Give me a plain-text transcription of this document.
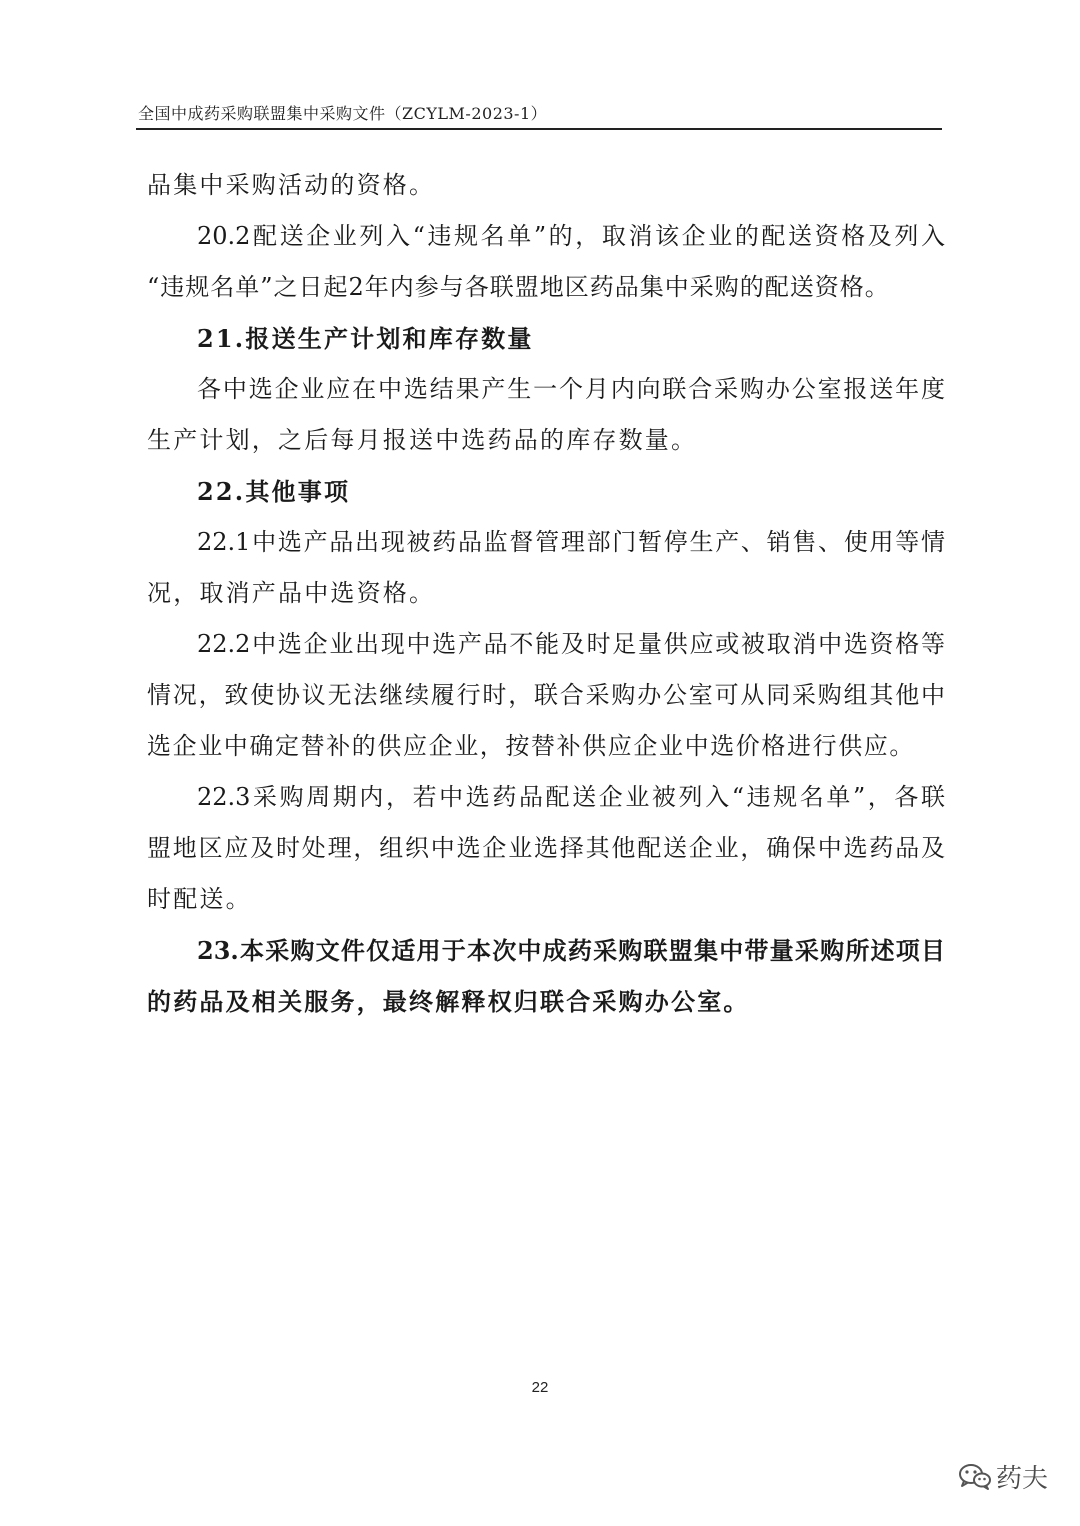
全国中成药采购联盟集中采购文件（ZCYLM-2023-1）
品集中采购活动的资格。
20.2配送企业列入“违规名单”的，取消该企业的配送资格及列入
“违规名单”之日起2年内参与各联盟地区药品集中采购的配送资格。
21.报送生产计划和库存数量
各中选企业应在中选结果产生一个月内向联合采购办公室报送年度
生产计划，之后每月报送中选药品的库存数量。
22.其他事项
22.1中选产品出现被药品监督管理部门暂停生产、销售、使用等情
况，取消产品中选资格。
22.2中选企业出现中选产品不能及时足量供应或被取消中选资格等
情况，致使协议无法继续履行时，联合采购办公室可从同采购组其他中
选企业中确定替补的供应企业，按替补供应企业中选价格进行供应。
22.3采购周期内，若中选药品配送企业被列入“违规名单”，各联
盟地区应及时处理，组织中选企业选择其他配送企业，确保中选药品及
时配送。
23.本采购文件仅适用于本次中成药采购联盟集中带量采购所述项目
的药品及相关服务，最终解释权归联合采购办公室。
22
药夫
